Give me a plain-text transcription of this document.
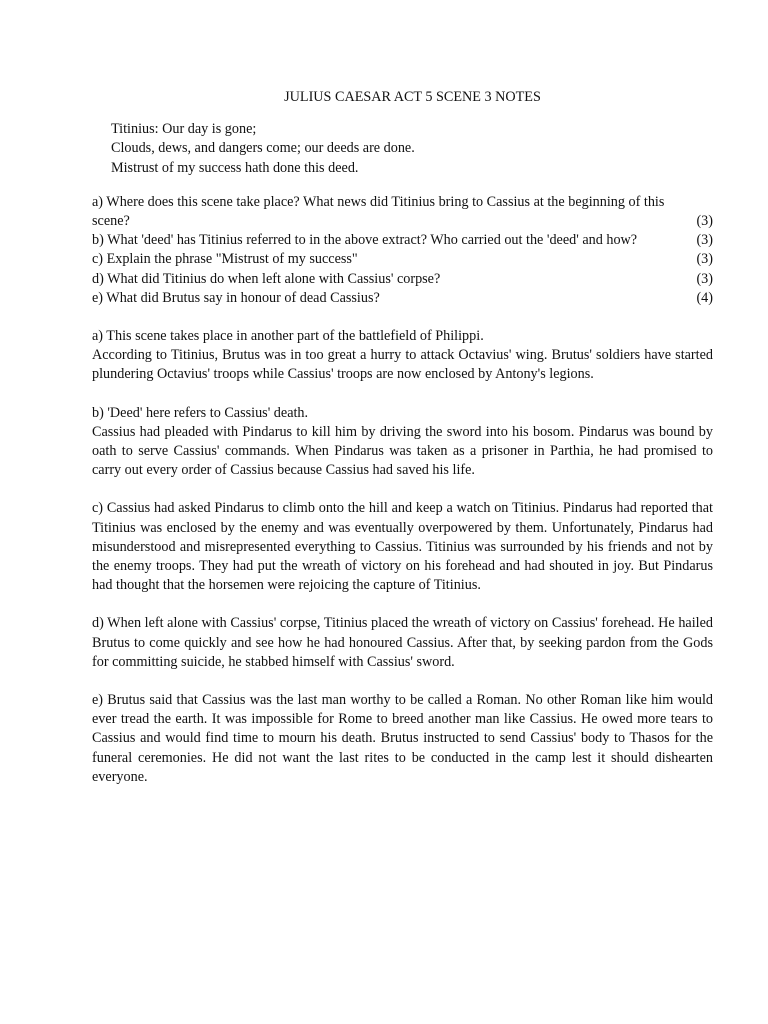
JULIUS CAESAR ACT 5 SCENE 3 NOTES
Titinius: Our day is gone;
Clouds, dews, and dangers come; our deeds are done.
Mistrust of my success hath done this deed.
a) Where does this scene take place? What news did Titinius bring to Cassius at the beginning of this
scene?	(3)
b) What 'deed' has Titinius referred to in the above extract? Who carried out the 'deed' and how?	(3)
c) Explain the phrase "Mistrust of my success"	(3)
d) What did Titinius do when left alone with Cassius' corpse?	(3)
e) What did Brutus say in honour of dead Cassius?	(4)

a) This scene takes place in another part of the battlefield of Philippi.

According to Titinius, Brutus was in too great a hurry to attack Octavius' wing. Brutus' soldiers have started plundering Octavius' troops while Cassius' troops are now enclosed by Antony's legions.

b) 'Deed' here refers to Cassius' death.

Cassius had pleaded with Pindarus to kill him by driving the sword into his bosom. Pindarus was bound by oath to serve Cassius' commands. When Pindarus was taken as a prisoner in Parthia, he had promised to carry out every order of Cassius because Cassius had saved his life.

c) Cassius had asked Pindarus to climb onto the hill and keep a watch on Titinius. Pindarus had reported that Titinius was enclosed by the enemy and was eventually overpowered by them. Unfortunately, Pindarus had misunderstood and misrepresented everything to Cassius. Titinius was surrounded by his friends and not by the enemy troops. They had put the wreath of victory on his forehead and had shouted in joy. But Pindarus had thought that the horsemen were rejoicing the capture of Titinius.

d) When left alone with Cassius' corpse, Titinius placed the wreath of victory on Cassius' forehead. He hailed Brutus to come quickly and see how he had honoured Cassius. After that, by seeking pardon from the Gods for committing suicide, he stabbed himself with Cassius' sword.

e) Brutus said that Cassius was the last man worthy to be called a Roman. No other Roman like him would ever tread the earth. It was impossible for Rome to breed another man like Cassius. He owed more tears to Cassius and would find time to mourn his death. Brutus instructed to send Cassius' body to Thasos for the funeral ceremonies. He did not want the last rites to be conducted in the camp lest it should dishearten everyone.
